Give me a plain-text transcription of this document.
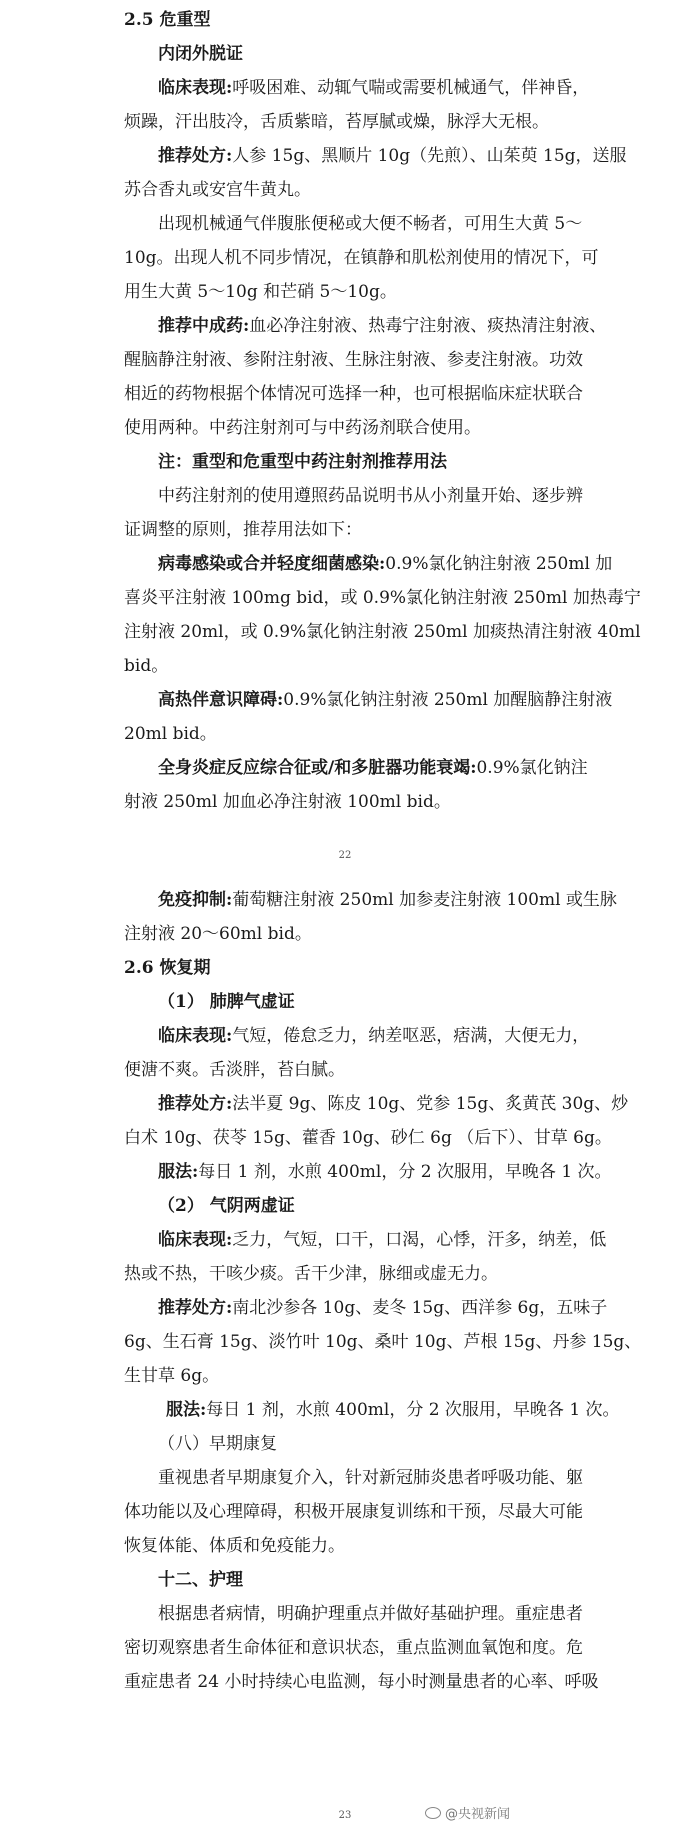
2.5 危重型
内闭外脱证
临床表现:呼吸困难、动辄气喘或需要机械通气，伴神昏，
烦躁，汗出肢冷，舌质紫暗，苔厚腻或燥，脉浮大无根。
推荐处方:人参 15g、黑顺片 10g（先煎）、山茱萸 15g，送服
苏合香丸或安宫牛黄丸。
出现机械通气伴腹胀便秘或大便不畅者，可用生大黄 5～
10g。出现人机不同步情况，在镇静和肌松剂使用的情况下，可
用生大黄 5～10g 和芒硝 5～10g。
推荐中成药:血必净注射液、热毒宁注射液、痰热清注射液、
醒脑静注射液、参附注射液、生脉注射液、参麦注射液。功效
相近的药物根据个体情况可选择一种，也可根据临床症状联合
使用两种。中药注射剂可与中药汤剂联合使用。
注：重型和危重型中药注射剂推荐用法
中药注射剂的使用遵照药品说明书从小剂量开始、逐步辨
证调整的原则，推荐用法如下：
病毒感染或合并轻度细菌感染:0.9%氯化钠注射液 250ml 加
喜炎平注射液 100mg bid，或 0.9%氯化钠注射液 250ml 加热毒宁
注射液 20ml，或 0.9%氯化钠注射液 250ml 加痰热清注射液 40ml
bid。
高热伴意识障碍:0.9%氯化钠注射液 250ml 加醒脑静注射液
20ml bid。
全身炎症反应综合征或/和多脏器功能衰竭:0.9%氯化钠注
射液 250ml 加血必净注射液 100ml bid。
22
免疫抑制:葡萄糖注射液 250ml 加参麦注射液 100ml 或生脉
注射液 20～60ml bid。
2.6 恢复期
（1） 肺脾气虚证
临床表现:气短，倦怠乏力，纳差呕恶，痞满，大便无力，
便溏不爽。舌淡胖，苔白腻。
推荐处方:法半夏 9g、陈皮 10g、党参 15g、炙黄芪 30g、炒
白术 10g、茯苓 15g、藿香 10g、砂仁 6g （后下）、甘草 6g。
服法:每日 1 剂，水煎 400ml，分 2 次服用，早晚各 1 次。
（2） 气阴两虚证
临床表现:乏力，气短，口干，口渴，心悸，汗多，纳差，低
热或不热，干咳少痰。舌干少津，脉细或虚无力。
推荐处方:南北沙参各 10g、麦冬 15g、西洋参 6g，五味子
6g、生石膏 15g、淡竹叶 10g、桑叶 10g、芦根 15g、丹参 15g、
生甘草 6g。
服法:每日 1 剂，水煎 400ml，分 2 次服用，早晚各 1 次。
（八）早期康复
重视患者早期康复介入，针对新冠肺炎患者呼吸功能、躯
体功能以及心理障碍，积极开展康复训练和干预，尽最大可能
恢复体能、体质和免疫能力。
十二、护理
根据患者病情，明确护理重点并做好基础护理。重症患者
密切观察患者生命体征和意识状态，重点监测血氧饱和度。危
重症患者 24 小时持续心电监测，每小时测量患者的心率、呼吸
23	@央视新闻
